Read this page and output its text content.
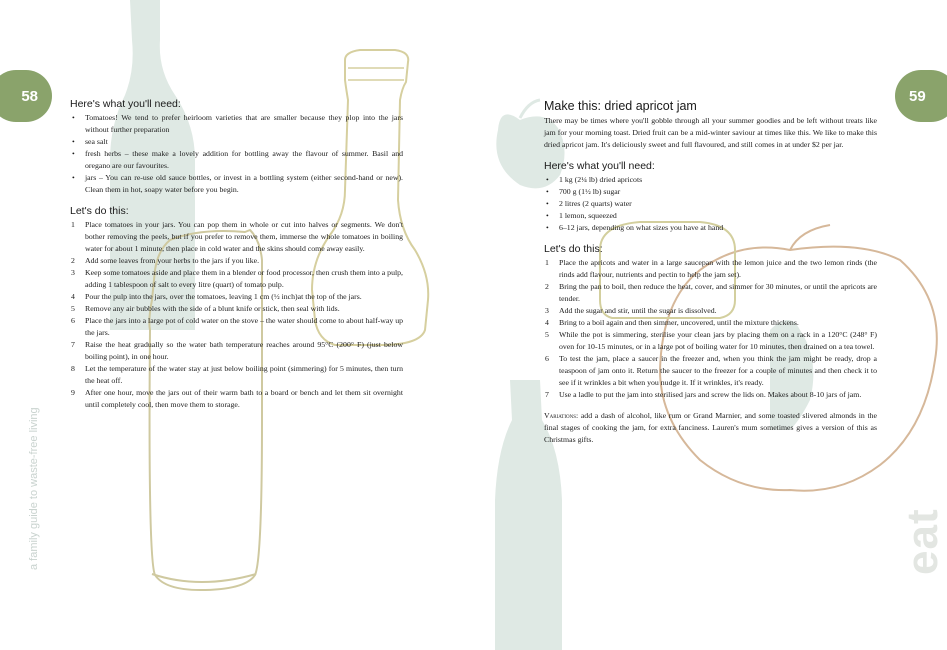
58	59
a family guide to waste-free living	eat
Here's what you'll need:
• Tomatoes! We tend to prefer heirloom varieties that are smaller because they plop into the jars without further preparation
• sea salt
• fresh herbs – these make a lovely addition for bottling away the flavour of summer. Basil and oregano are our favourites.
• jars – You can re-use old sauce bottles, or invest in a bottling system (either second-hand or new). Clean them in hot, soapy water before you begin.
Let's do this:
1 Place tomatoes in your jars. You can pop them in whole or cut into halves or segments. We don't bother removing the peels, but if you prefer to remove them, immerse the whole tomatoes in boiling water for about 1 minute, then place in cold water and the skins should come away easily.
2 Add some leaves from your herbs to the jars if you like.
3 Keep some tomatoes aside and place them in a blender or food processor, then crush them into a pulp, adding 1 tablespoon of salt to every litre (quart) of tomato pulp.
4 Pour the pulp into the jars, over the tomatoes, leaving 1 cm (½ inch)at the top of the jars.
5 Remove any air bubbles with the side of a blunt knife or stick, then seal with lids.
6 Place the jars into a large pot of cold water on the stove – the water should come to about half-way up the jars.
7 Raise the heat gradually so the water bath temperature reaches around 95°C (200° F) (just below boiling point), in one hour.
8 Let the temperature of the water stay at just below boiling point (simmering) for 5 minutes, then turn the heat off.
9 After one hour, move the jars out of their warm bath to a board or bench and let them sit overnight until completely cool, then move them to storage.
Make this: dried apricot jam

There may be times where you'll gobble through all your summer goodies and be left without treats like jam for your morning toast. Dried fruit can be a mid-winter saviour at times like this. We like to make this dried apricot jam. It's deliciously sweet and full flavoured, and still comes in at under $2 per jar.

Here's what you'll need:
• 1 kg (2¼ lb) dried apricots
• 700 g (1½ lb) sugar
• 2 litres (2 quarts) water
• 1 lemon, squeezed
• 6–12 jars, depending on what sizes you have at hand
Let's do this:
1 Place the apricots and water in a large saucepan with the lemon juice and the two lemon rinds (the rinds add flavour, nutrients and pectin to help the jam set).
2 Bring the pan to boil, then reduce the heat, cover, and simmer for 30 minutes, or until the apricots are tender.
3 Add the sugar and stir, until the sugar is dissolved.
4 Bring to a boil again and then simmer, uncovered, until the mixture thickens.
5 While the pot is simmering, sterilise your clean jars by placing them on a rack in a 120°C (248° F) oven for 10-15 minutes, or in a large pot of boiling water for 10 minutes, then drained on a tea towel.
6 To test the jam, place a saucer in the freezer and, when you think the jam might be ready, drop a teaspoon of jam onto it. Return the saucer to the freezer for a couple of minutes and then check it to see if it wrinkles a bit when you nudge it. If it wrinkles, it's ready.
7 Use a ladle to put the jam into sterilised jars and screw the lids on. Makes about 8-10 jars of jam.

Variations: add a dash of alcohol, like rum or Grand Marnier, and some toasted slivered almonds in the final stages of cooking the jam, for extra fanciness. Lauren's mum sometimes gives a version of this as Christmas gifts.
